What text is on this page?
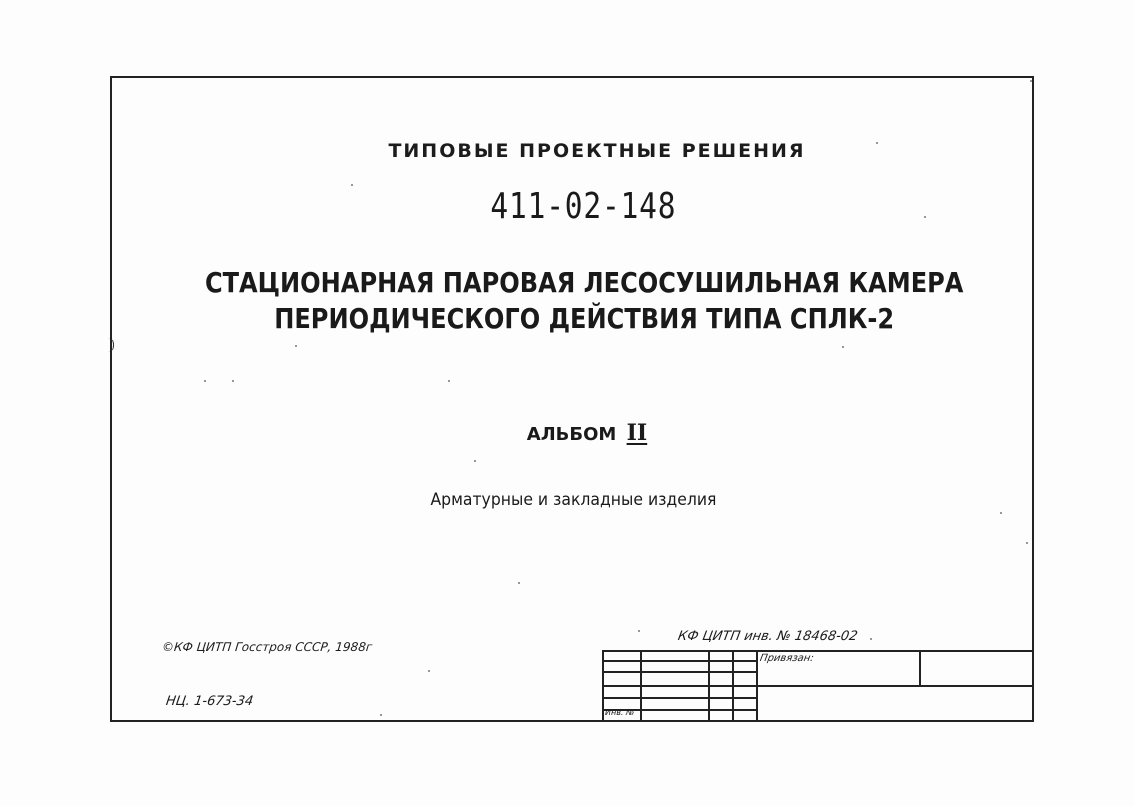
ТИПОВЫЕ ПРОЕКТНЫЕ РЕШЕНИЯ
411-02-148
СТАЦИОНАРНАЯ ПАРОВАЯ ЛЕСОСУШИЛЬНАЯ КАМЕРА
ПЕРИОДИЧЕСКОГО ДЕЙСТВИЯ ТИПА СПЛК-2
АЛЬБОМ II
Арматурные и закладные изделия
©КФ ЦИТП Госстроя СССР, 1988г
НЦ. 1-673-34
КФ ЦИТП инв. № 18468-02
Привязан:
Инв. №
